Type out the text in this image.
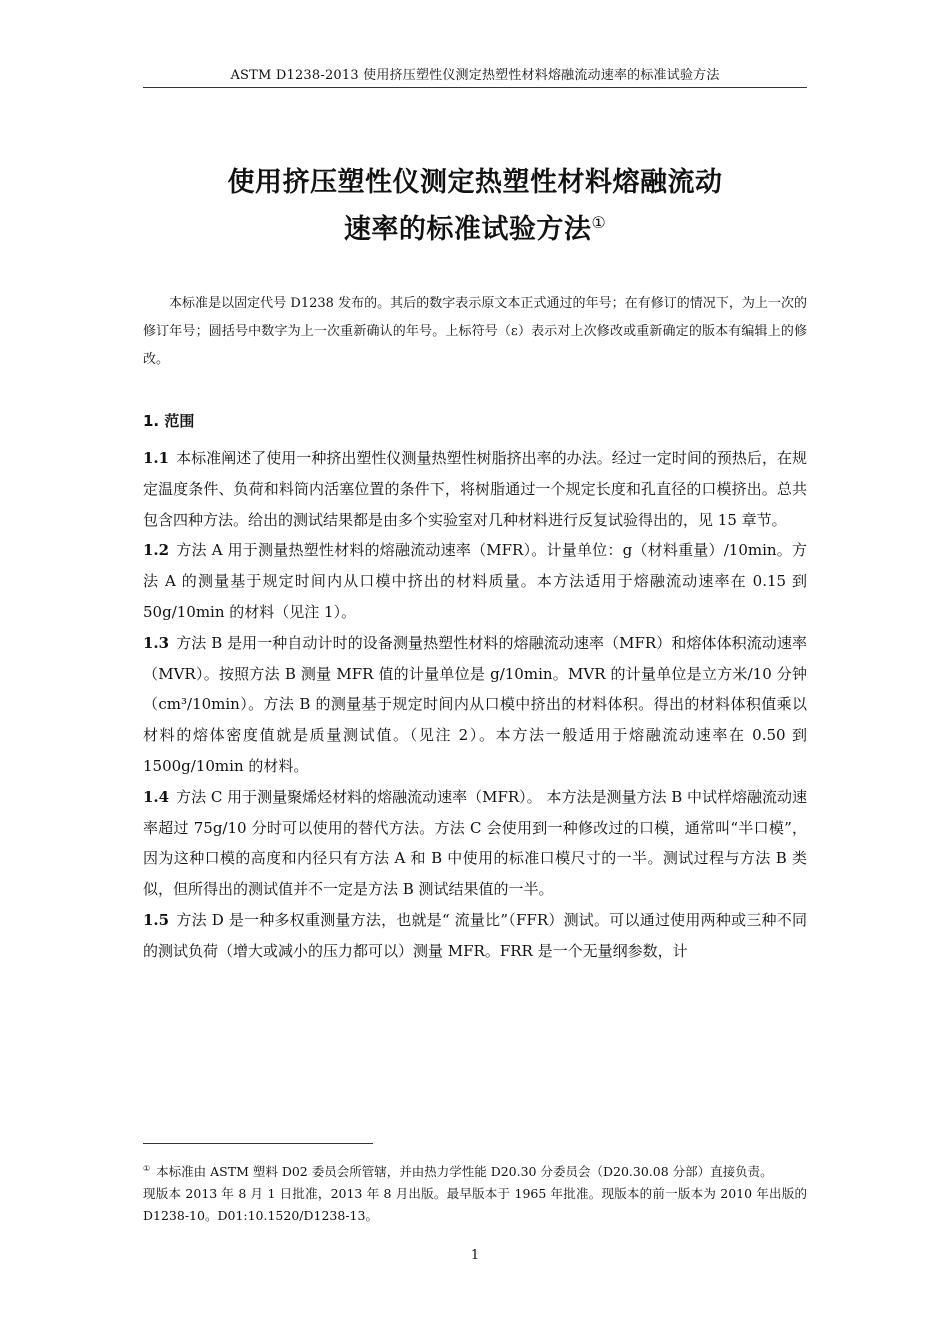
ASTM D1238-2013 使用挤压塑性仪测定热塑性材料熔融流动速率的标准试验方法
使用挤压塑性仪测定热塑性材料熔融流动
速率的标准试验方法①
本标准是以固定代号 D1238 发布的。其后的数字表示原文本正式通过的年号；在有修订的情况下，为上一次的修订年号；圆括号中数字为上一次重新确认的年号。上标符号（ε）表示对上次修改或重新确定的版本有编辑上的修改。
1. 范围

1.1 本标准阐述了使用一种挤出塑性仪测量热塑性树脂挤出率的办法。经过一定时间的预热后，在规定温度条件、负荷和料筒内活塞位置的条件下，将树脂通过一个规定长度和孔直径的口模挤出。总共包含四种方法。给出的测试结果都是由多个实验室对几种材料进行反复试验得出的，见 15 章节。

1.2 方法 A 用于测量热塑性材料的熔融流动速率（MFR）。计量单位：g（材料重量）/10min。方法 A 的测量基于规定时间内从口模中挤出的材料质量。本方法适用于熔融流动速率在 0.15 到 50g/10min 的材料（见注 1）。

1.3 方法 B 是用一种自动计时的设备测量热塑性材料的熔融流动速率（MFR）和熔体体积流动速率（MVR）。按照方法 B 测量 MFR 值的计量单位是 g/10min。MVR 的计量单位是立方米/10 分钟（cm³/10min）。方法 B 的测量基于规定时间内从口模中挤出的材料体积。得出的材料体积值乘以材料的熔体密度值就是质量测试值。（见注 2）。本方法一般适用于熔融流动速率在 0.50 到 1500g/10min 的材料。

1.4 方法 C 用于测量聚烯烃材料的熔融流动速率（MFR）。 本方法是测量方法 B 中试样熔融流动速率超过 75g/10 分时可以使用的替代方法。方法 C 会使用到一种修改过的口模，通常叫“半口模”，因为这种口模的高度和内径只有方法 A 和 B 中使用的标准口模尺寸的一半。测试过程与方法 B 类似，但所得出的测试值并不一定是方法 B 测试结果值的一半。

1.5 方法 D 是一种多权重测量方法，也就是“ 流量比”（FFR）测试。可以通过使用两种或三种不同的测试负荷（增大或减小的压力都可以）测量 MFR。FRR 是一个无量纲参数，计

① 本标准由 ASTM 塑料 D02 委员会所管辖，并由热力学性能 D20.30 分委员会（D20.30.08 分部）直接负责。
现版本 2013 年 8 月 1 日批准，2013 年 8 月出版。最早版本于 1965 年批准。现版本的前一版本为 2010 年出版的 D1238-10。D01:10.1520/D1238-13。
1
